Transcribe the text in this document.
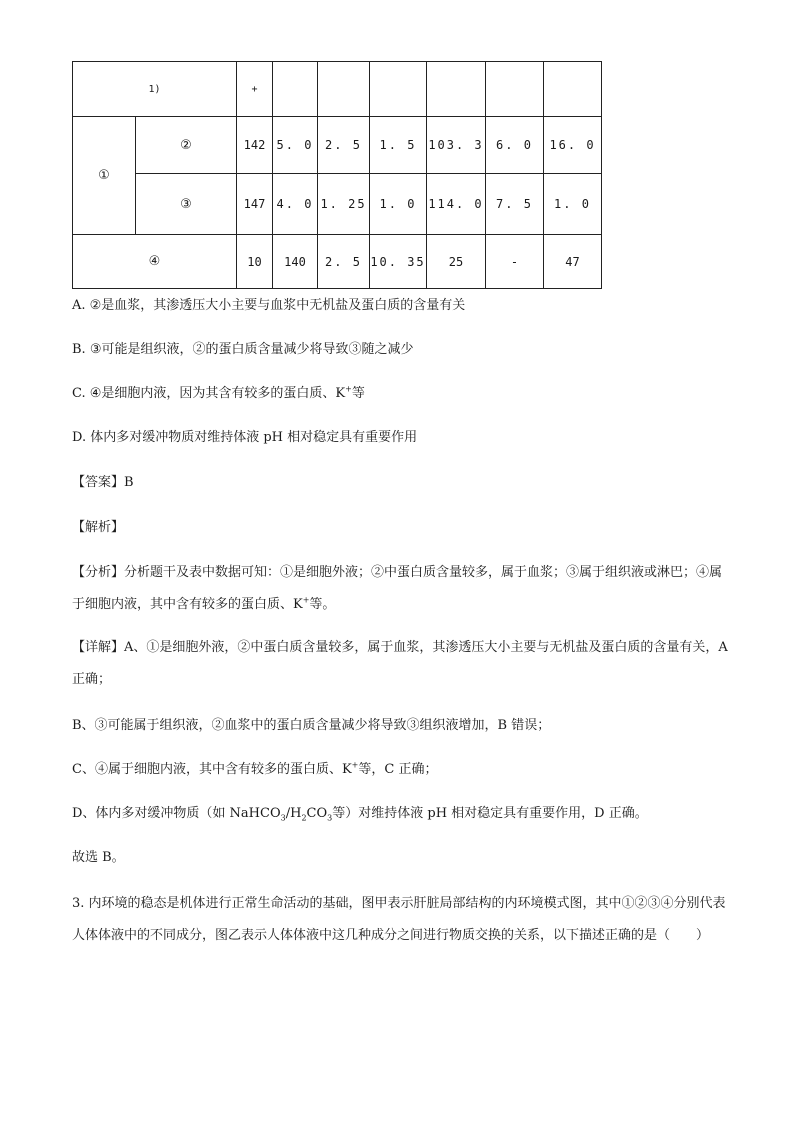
1)		+						
①	②	142	5. 0	2. 5	1. 5	103. 3	6. 0	16. 0
	③	147	4. 0	1. 25	1. 0	114. 0	7. 5	1. 0
④		10	140	2. 5	10. 35	25	-	47
A. ②是血浆，其渗透压大小主要与血浆中无机盐及蛋白质的含量有关
B. ③可能是组织液，②的蛋白质含量减少将导致③随之减少
C. ④是细胞内液，因为其含有较多的蛋白质、K+等
D. 体内多对缓冲物质对维持体液 pH 相对稳定具有重要作用
【答案】B
【解析】
【分析】分析题干及表中数据可知：①是细胞外液；②中蛋白质含量较多，属于血浆；③属于组织液或淋巴；④属于细胞内液，其中含有较多的蛋白质、K+等。
【详解】A、①是细胞外液，②中蛋白质含量较多，属于血浆，其渗透压大小主要与无机盐及蛋白质的含量有关，A 正确；
B、③可能属于组织液，②血浆中的蛋白质含量减少将导致③组织液增加，B 错误；
C、④属于细胞内液，其中含有较多的蛋白质、K+等，C 正确；
D、体内多对缓冲物质（如 $NaHCO_3/H_2CO_3$等）对维持体液 pH 相对稳定具有重要作用，D 正确。
故选 B。
3. 内环境的稳态是机体进行正常生命活动的基础，图甲表示肝脏局部结构的内环境模式图，其中①②③④分别代表人体体液中的不同成分，图乙表示人体体液中这几种成分之间进行物质交换的关系，以下描述正确的是（　　）
